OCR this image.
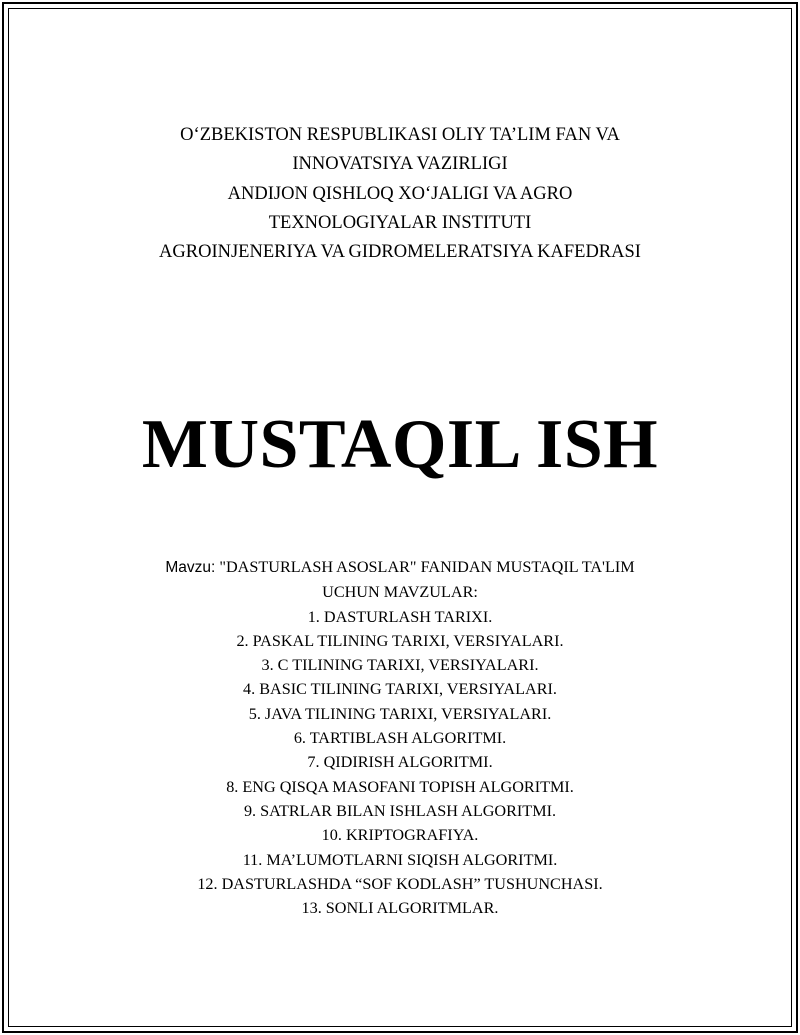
O‘ZBEKISTON RESPUBLIKASI OLIY TA’LIM FAN VA
INNOVATSIYA VAZIRLIGI
ANDIJON QISHLOQ XO‘JALIGI VA AGRO
TEXNOLOGIYALAR INSTITUTI
AGROINJENERIYA VA GIDROMELERATSIYA KAFEDRASI
MUSTAQIL ISH
Mavzu: "DASTURLASH ASOSLAR" FANIDAN MUSTAQIL TA'LIM
UCHUN MAVZULAR:
1. DASTURLASH TARIXI.
2. PASKAL TILINING TARIXI, VERSIYALARI.
3. C TILINING TARIXI, VERSIYALARI.
4. BASIC TILINING TARIXI, VERSIYALARI.
5. JAVA TILINING TARIXI, VERSIYALARI.
6. TARTIBLASH ALGORITMI.
7. QIDIRISH ALGORITMI.
8. ENG QISQA MASOFANI TOPISH ALGORITMI.
9. SATRLAR BILAN ISHLASH ALGORITMI.
10. KRIPTOGRAFIYA.
11. MA’LUMOTLARNI SIQISH ALGORITMI.
12. DASTURLASHDA “SOF KODLASH” TUSHUNCHASI.
13. SONLI ALGORITMLAR.
